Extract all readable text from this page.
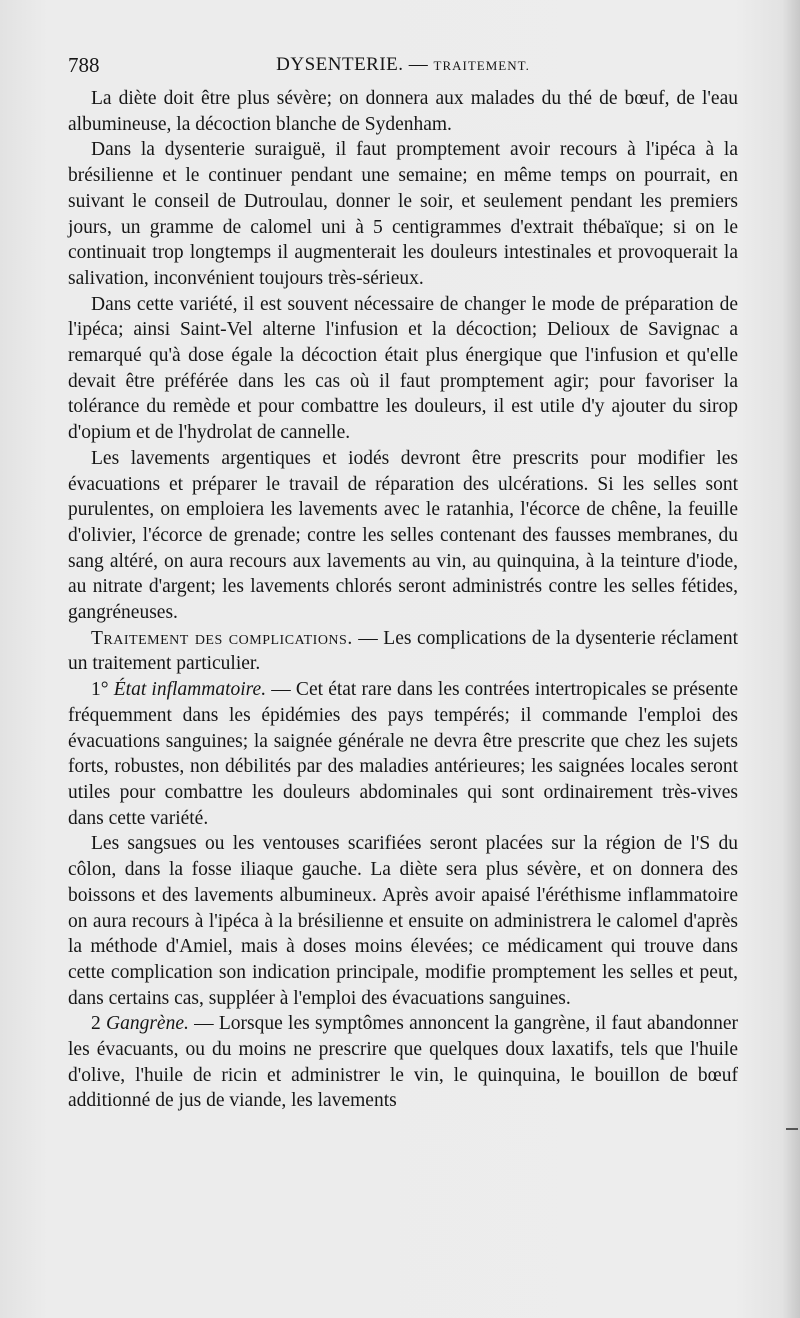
788	DYSENTERIE. — TRAITEMENT.

La diète doit être plus sévère; on donnera aux malades du thé de bœuf, de l'eau albumineuse, la décoction blanche de Sydenham.

Dans la dysenterie suraiguë, il faut promptement avoir recours à l'ipéca à la brésilienne et le continuer pendant une semaine; en même temps on pourrait, en suivant le conseil de Dutroulau, donner le soir, et seulement pendant les premiers jours, un gramme de calomel uni à 5 centigrammes d'extrait thébaïque; si on le continuait trop longtemps il augmenterait les douleurs intestinales et provoquerait la salivation, inconvénient toujours très-sérieux.

Dans cette variété, il est souvent nécessaire de changer le mode de préparation de l'ipéca; ainsi Saint-Vel alterne l'infusion et la décoction; Delioux de Savignac a remarqué qu'à dose égale la décoction était plus énergique que l'infusion et qu'elle devait être préférée dans les cas où il faut promptement agir; pour favoriser la tolérance du remède et pour combattre les douleurs, il est utile d'y ajouter du sirop d'opium et de l'hydrolat de cannelle.

Les lavements argentiques et iodés devront être prescrits pour modifier les évacuations et préparer le travail de réparation des ulcérations. Si les selles sont purulentes, on emploiera les lavements avec le ratanhia, l'écorce de chêne, la feuille d'olivier, l'écorce de grenade; contre les selles contenant des fausses membranes, du sang altéré, on aura recours aux lavements au vin, au quinquina, à la teinture d'iode, au nitrate d'argent; les lavements chlorés seront administrés contre les selles fétides, gangréneuses.

Traitement des complications. — Les complications de la dysenterie réclament un traitement particulier.

1° État inflammatoire. — Cet état rare dans les contrées intertropicales se présente fréquemment dans les épidémies des pays tempérés; il commande l'emploi des évacuations sanguines; la saignée générale ne devra être prescrite que chez les sujets forts, robustes, non débilités par des maladies antérieures; les saignées locales seront utiles pour combattre les douleurs abdominales qui sont ordinairement très-vives dans cette variété.

Les sangsues ou les ventouses scarifiées seront placées sur la région de l'S du côlon, dans la fosse iliaque gauche. La diète sera plus sévère, et on donnera des boissons et des lavements albumineux. Après avoir apaisé l'éréthisme inflammatoire on aura recours à l'ipéca à la brésilienne et ensuite on administrera le calomel d'après la méthode d'Amiel, mais à doses moins élevées; ce médicament qui trouve dans cette complication son indication principale, modifie promptement les selles et peut, dans certains cas, suppléer à l'emploi des évacuations sanguines.

2 Gangrène. — Lorsque les symptômes annoncent la gangrène, il faut abandonner les évacuants, ou du moins ne prescrire que quelques doux laxatifs, tels que l'huile d'olive, l'huile de ricin et administrer le vin, le quinquina, le bouillon de bœuf additionné de jus de viande, les lavements
